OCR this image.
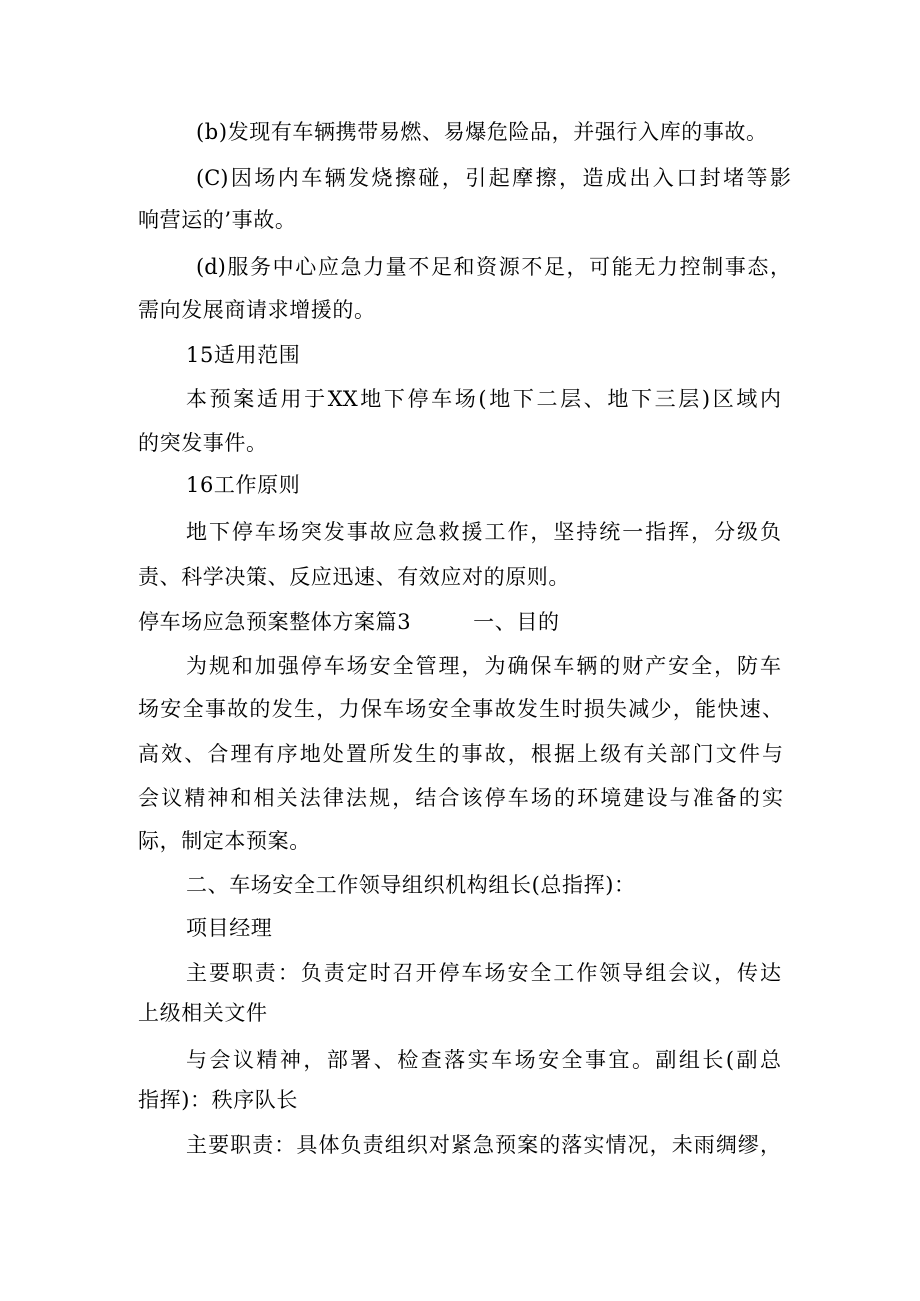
(b)发现有车辆携带易燃、易爆危险品，并强行入库的事故。
(C)因场内车辆发烧擦碰，引起摩擦，造成出入口封堵等影
响营运的’事故。
(d)服务中心应急力量不足和资源不足，可能无力控制事态，
需向发展商请求增援的。
15适用范围
本预案适用于XX地下停车场(地下二层、地下三层)区域内
的突发事件。
16工作原则
地下停车场突发事故应急救援工作，坚持统一指挥，分级负
责、科学决策、反应迅速、有效应对的原则。
停车场应急预案整体方案篇3	一、目的
为规和加强停车场安全管理，为确保车辆的财产安全，防车
场安全事故的发生，力保车场安全事故发生时损失减少，能快速、
高效、合理有序地处置所发生的事故，根据上级有关部门文件与
会议精神和相关法律法规，结合该停车场的环境建设与准备的实
际，制定本预案。
二、车场安全工作领导组织机构组长(总指挥)：
项目经理
主要职责：负责定时召开停车场安全工作领导组会议，传达
上级相关文件
与会议精神，部署、检查落实车场安全事宜。副组长(副总
指挥)：秩序队长
主要职责：具体负责组织对紧急预案的落实情况，未雨绸缪，
